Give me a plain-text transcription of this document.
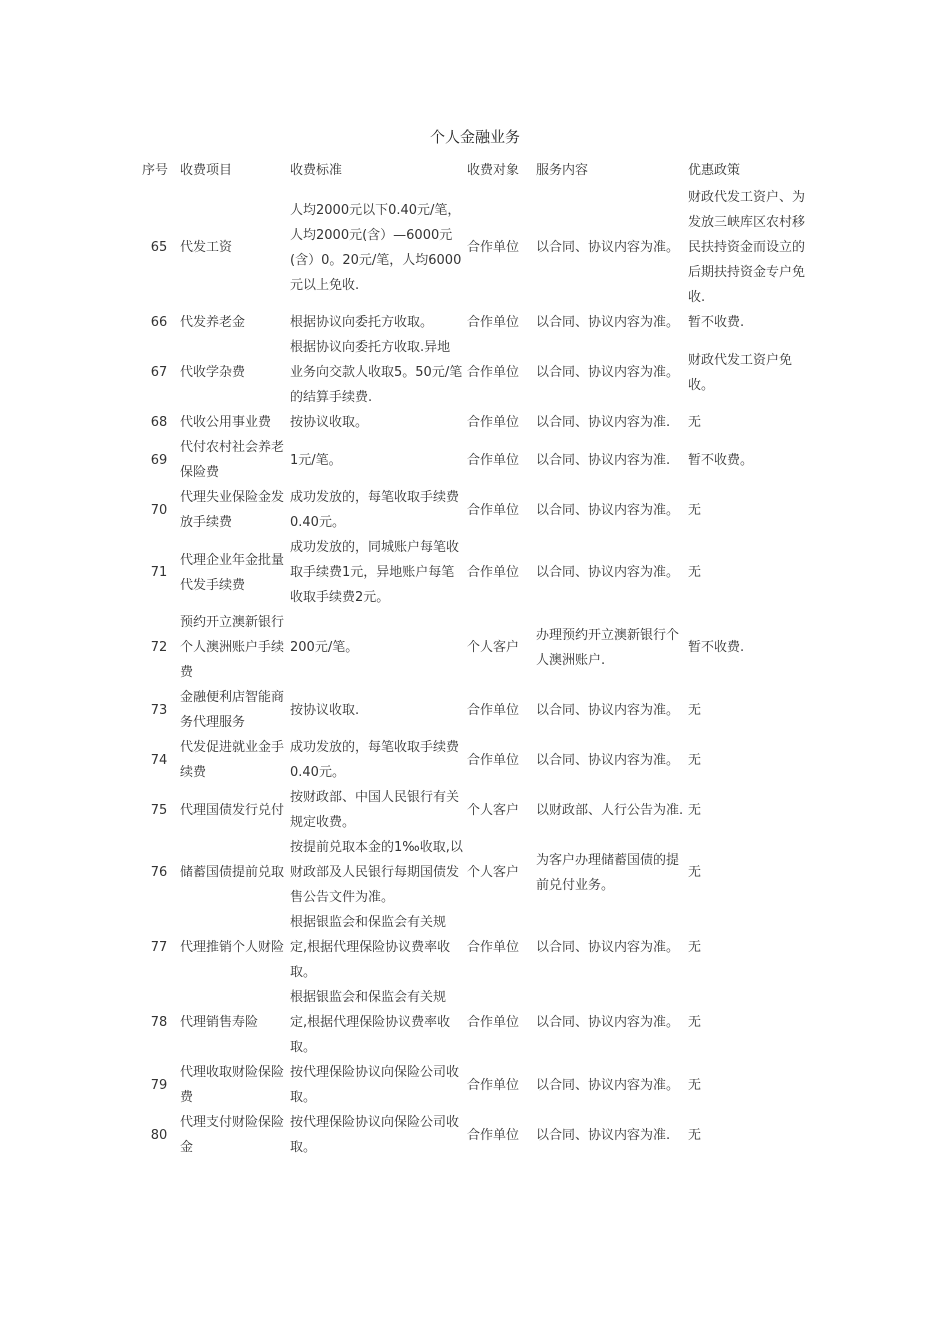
个人金融业务
序号	收费项目	收费标准	收费对象	服务内容	优惠政策
65	代发工资	人均2000元以下0.40元/笔，人均2000元(含）—6000元(含）0。20元/笔，人均6000元以上免收.	合作单位	以合同、协议内容为准。	财政代发工资户、为发放三峡库区农村移民扶持资金而设立的后期扶持资金专户免收.
66	代发养老金	根据协议向委托方收取。	合作单位	以合同、协议内容为准。	暂不收费.
67	代收学杂费	根据协议向委托方收取.异地业务向交款人收取5。50元/笔的结算手续费.	合作单位	以合同、协议内容为准。	财政代发工资户免收。
68	代收公用事业费	按协议收取。	合作单位	以合同、协议内容为准.	无
69	代付农村社会养老保险费	1元/笔。	合作单位	以合同、协议内容为准.	暂不收费。
70	代理失业保险金发放手续费	成功发放的，每笔收取手续费0.40元。	合作单位	以合同、协议内容为准。	无
71	代理企业年金批量代发手续费	成功发放的，同城账户每笔收取手续费1元，异地账户每笔收取手续费2元。	合作单位	以合同、协议内容为准。	无
72	预约开立澳新银行个人澳洲账户手续费	200元/笔。	个人客户	办理预约开立澳新银行个人澳洲账户.	暂不收费.
73	金融便利店智能商务代理服务	按协议收取.	合作单位	以合同、协议内容为准。	无
74	代发促进就业金手续费	成功发放的，每笔收取手续费0.40元。	合作单位	以合同、协议内容为准。	无
75	代理国债发行兑付	按财政部、中国人民银行有关规定收费。	个人客户	以财政部、人行公告为准.	无
76	储蓄国债提前兑取	按提前兑取本金的1‰收取,以财政部及人民银行每期国债发售公告文件为准。	个人客户	为客户办理储蓄国债的提前兑付业务。	无
77	代理推销个人财险	根据银监会和保监会有关规定,根据代理保险协议费率收取。	合作单位	以合同、协议内容为准。	无
78	代理销售寿险	根据银监会和保监会有关规定,根据代理保险协议费率收取。	合作单位	以合同、协议内容为准。	无
79	代理收取财险保险费	按代理保险协议向保险公司收取。	合作单位	以合同、协议内容为准。	无
80	代理支付财险保险金	按代理保险协议向保险公司收取。	合作单位	以合同、协议内容为准.	无
